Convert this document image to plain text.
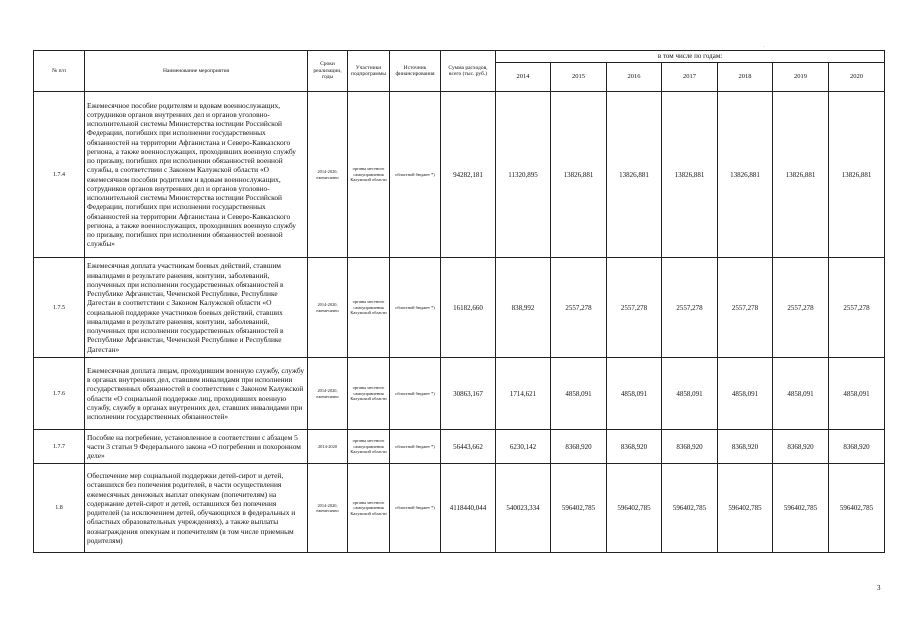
·
№ п/п	Наименование мероприятия	Сроки реализации, годы	Участники подпрограммы	Источник финансирования	Сумма расходов, всего (тыс. руб.)	в том числе по годам:						
						2014	2015	2016	2017	2018	2019	2020
1.7.4	Ежемесячное пособие родителям и вдовам военнослужащих, сотрудников органов внутренних дел и органов уголовно-исполнительной системы Министерства юстиции Российской Федерации, погибших при исполнении государственных обязанностей на территории Афганистана и Северо-Кавказского региона, а также военнослужащих, проходивших военную службу по призыву, погибших при исполнении обязанностей военной службы, в соответствии с Законом Калужской области «О ежемесячном пособии родителям и вдовам военнослужащих, сотрудников органов внутренних дел и органов уголовно-исполнительной системы Министерства юстиции Российской Федерации, погибших при исполнении государственных обязанностей на территории Афганистана и Северо-Кавказского региона, а также военнослужащих, проходивших военную службу по призыву, погибших при исполнении обязанностей военной службы»	2014-2020, ежемесячно	органы местного самоуправления Калужской области	областной бюджет *)	94282,181	11320,895	13826,881	13826,881	13826,881	13826,881	13826,881	13826,881
1.7.5	Ежемесячная доплата участникам боевых действий, ставшим инвалидами в результате ранения, контузии, заболеваний, полученных при исполнении государственных обязанностей в Республике Афганистан, Чеченской Республике, Республике Дагестан в соответствии с Законом Калужской области «О социальной поддержке участников боевых действий, ставших инвалидами в результате ранения, контузии, заболеваний, полученных при исполнении государственных обязанностей в Республике Афганистан, Чеченской Республике и Республике Дагестан»	2014-2020, ежемесячно	органы местного самоуправления Калужской области	областной бюджет *)	16182,660	838,992	2557,278	2557,278	2557,278	2557,278	2557,278	2557,278
1.7.6	Ежемесячная доплата лицам, проходившим военную службу, службу в органах внутренних дел, ставшим инвалидами при исполнении государственных обязанностей в соответствии с Законом Калужской области «О социальной поддержке лиц, проходивших военную службу, службу в органах внутренних дел, ставших инвалидами при исполнении государственных обязанностей»	2014-2020, ежемесячно	органы местного самоуправления Калужской области	областной бюджет *)	30863,167	1714,621	4858,091	4858,091	4858,091	4858,091	4858,091	4858,091
1.7.7	Пособие на погребение, установленное в соответствии с абзацем 5 части 3 статьи 9 Федерального закона «О погребении и похоронном деле»	2014-2020	органы местного самоуправления Калужской области	областной бюджет *)	56443,662	6230,142	8368,920	8368,920	8368,920	8368,920	8368,920	8368,920
1.8	Обеспечение мер социальной поддержки детей-сирот и детей, оставшихся без попечения родителей, в части осуществления ежемесячных денежных выплат опекунам (попечителям) на содержание детей-сирот и детей, оставшихся без попечения родителей (за исключением детей, обучающихся в федеральных и областных образовательных учреждениях), а также выплаты вознаграждения опекунам и попечителям (в том числе приемным родителям)	2014-2020, ежемесячно	органы местного самоуправления Калужской области	областной бюджет *)	4118440,044	540023,334	596402,785	596402,785	596402,785	596402,785	596402,785	596402,785
3
